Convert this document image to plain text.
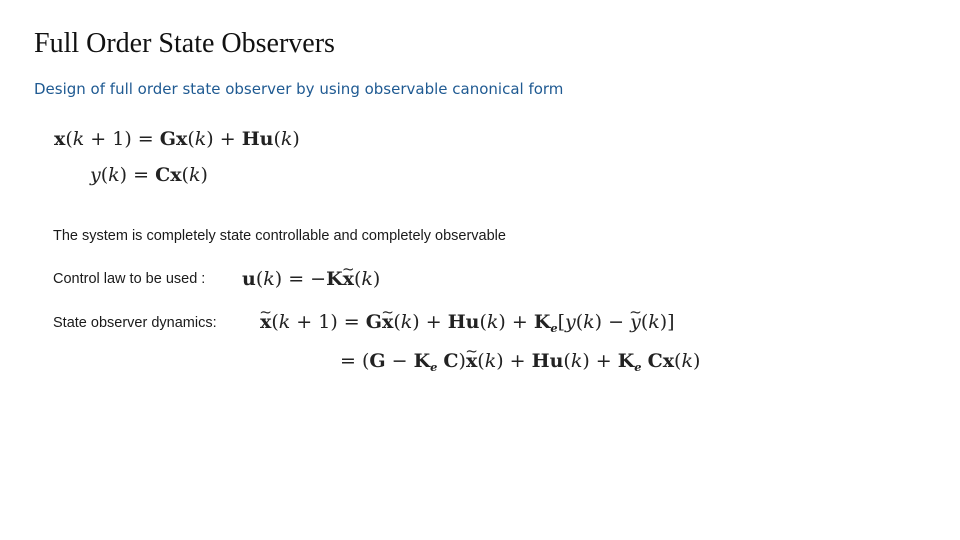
Full Order State Observers
Design of full order state observer by using observable canonical form
x(k + 1) = Gx(k) + Hu(k)
y(k) = Cx(k)
The system is completely state controllable and completely observable
Control law to be used : u(k) = −Kx ~(k)
State observer dynamics: x ~(k + 1) = Gx ~(k) + $Hu(k) + K_e[y(k) - y$ ~(k)]
= ($G - K_e$ C)x ~(k) + $Hu(k) + K_e$ Cx(k)
